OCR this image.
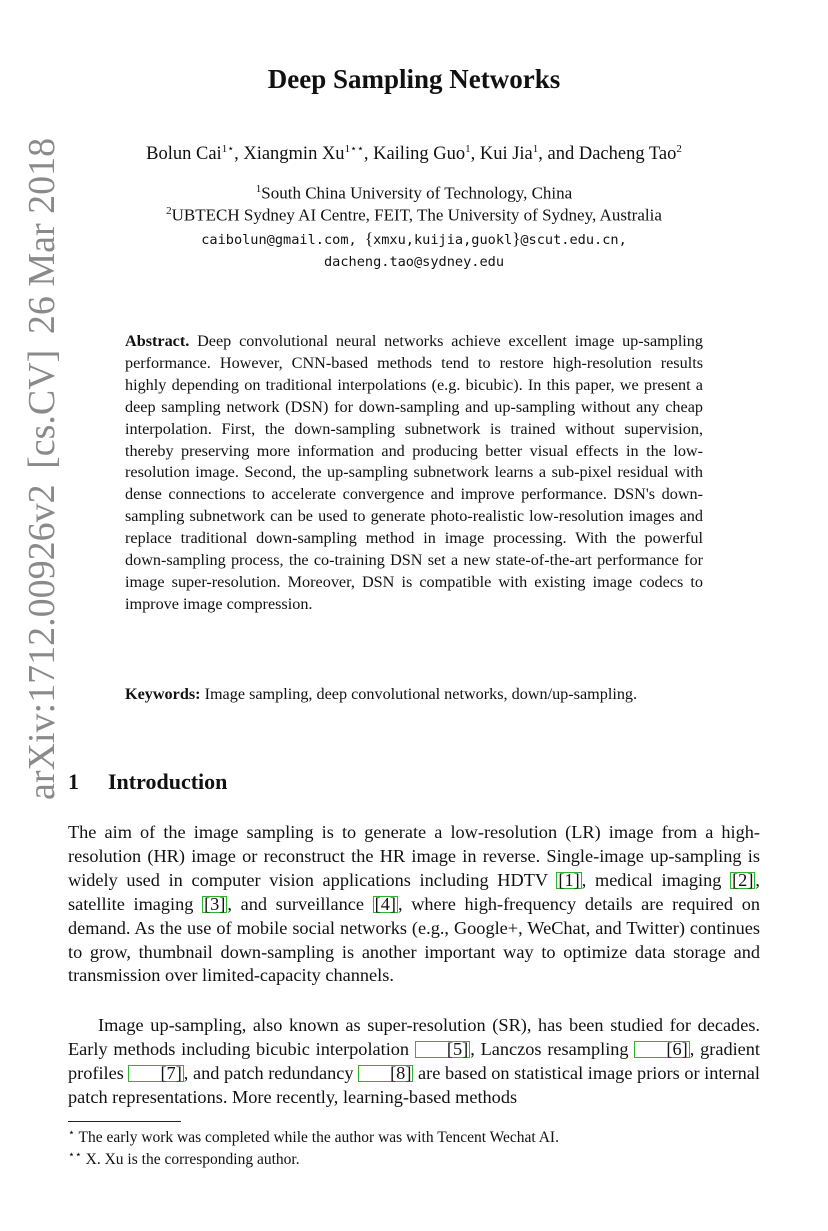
arXiv:1712.00926v2 [cs.CV] 26 Mar 2018
Deep Sampling Networks
Bolun Cai$^{1⋆}$, Xiangmin $Xu^{1⋆⋆}$, Kailing Guo$^1$, Kui Jia$^1$, and Dacheng Tao$^2$
$^1$South China University of Technology, China
$^2$UBTECH Sydney AI Centre, FEIT, The University of Sydney, Australia
caibolun@gmail.com, {xmxu,kuijia,guokl}@scut.edu.cn,
dacheng.tao@sydney.edu
Abstract. Deep convolutional neural networks achieve excellent image up-sampling performance. However, CNN-based methods tend to restore high-resolution results highly depending on traditional interpolations (e.g. bicubic). In this paper, we present a deep sampling network (DSN) for down-sampling and up-sampling without any cheap interpolation. First, the down-sampling subnetwork is trained without supervision, thereby preserving more information and producing better visual effects in the low-resolution image. Second, the up-sampling subnetwork learns a sub-pixel residual with dense connections to accelerate convergence and improve performance. DSN's down-sampling subnetwork can be used to generate photo-realistic low-resolution images and replace traditional down-sampling method in image processing. With the powerful down-sampling process, the co-training DSN set a new state-of-the-art performance for image super-resolution. Moreover, DSN is compatible with existing image codecs to improve image compression.
Keywords: Image sampling, deep convolutional networks, down/up-sampling.
1 Introduction
The aim of the image sampling is to generate a low-resolution (LR) image from a high-resolution (HR) image or reconstruct the HR image in reverse. Single-image up-sampling is widely used in computer vision applications including HDTV [1] , medical imaging [2] , satellite imaging [3] , and surveillance [4] , where high-frequency details are required on demand. As the use of mobile social networks (e.g., Google+, WeChat, and Twitter) continues to grow, thumbnail down-sampling is another important way to optimize data storage and transmission over limited-capacity channels.
Image up-sampling, also known as super-resolution (SR), has been studied for decades. Early methods including bicubic interpolation [5] , Lanczos resampling [6] , gradient profiles [7] , and patch redundancy [8] are based on statistical image priors or internal patch representations. More recently, learning-based methods
⋆ The early work was completed while the author was with Tencent Wechat AI.
⋆⋆ X. Xu is the corresponding author.
